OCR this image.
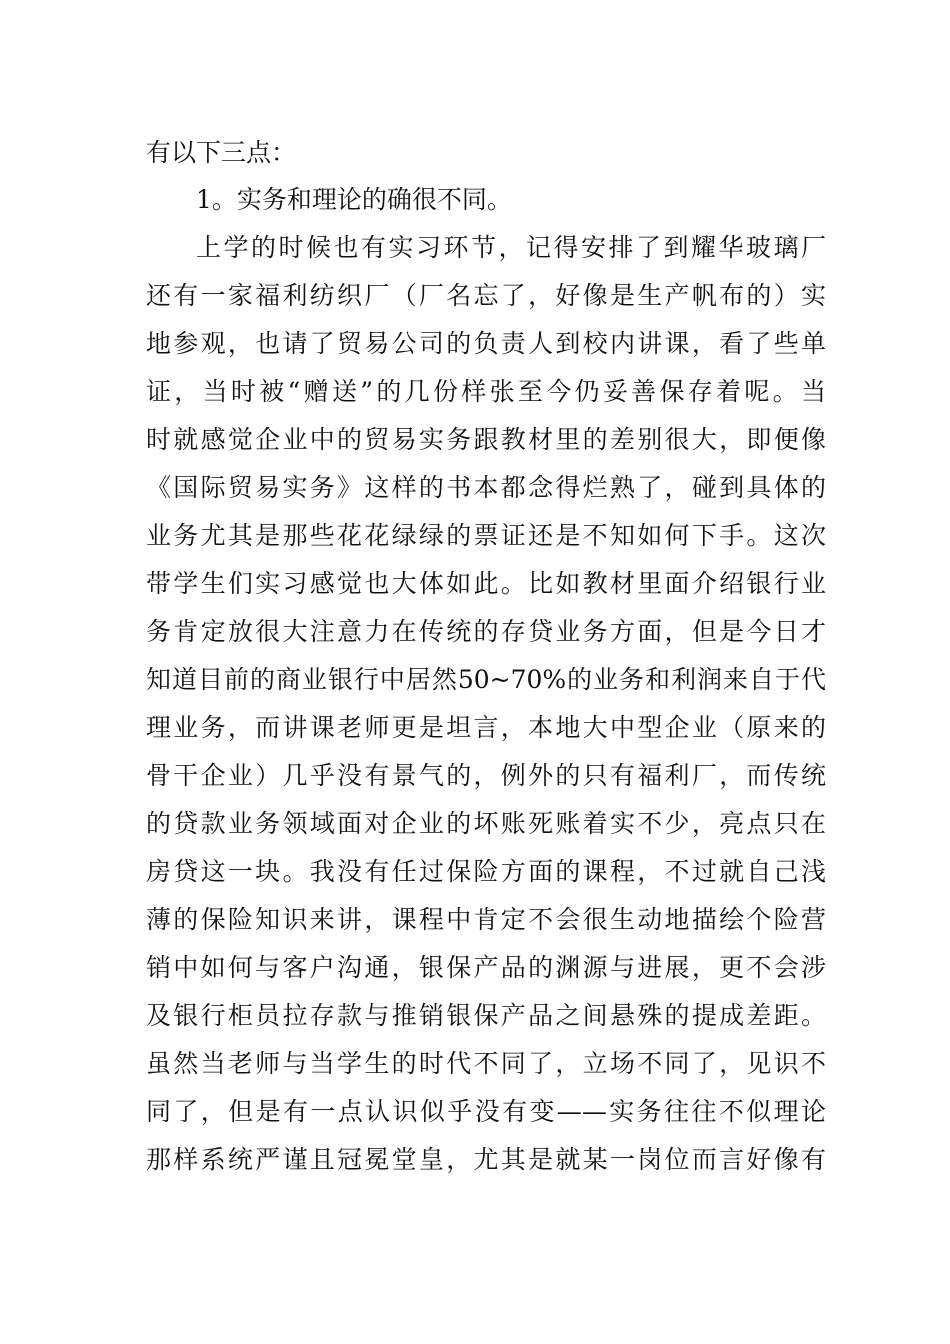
有以下三点：
1。实务和理论的确很不同。
上学的时候也有实习环节，记得安排了到耀华玻璃厂
还有一家福利纺织厂（厂名忘了，好像是生产帆布的）实
地参观，也请了贸易公司的负责人到校内讲课，看了些单
证，当时被“赠送”的几份样张至今仍妥善保存着呢。当
时就感觉企业中的贸易实务跟教材里的差别很大，即便像
《国际贸易实务》这样的书本都念得烂熟了，碰到具体的
业务尤其是那些花花绿绿的票证还是不知如何下手。这次
带学生们实习感觉也大体如此。比如教材里面介绍银行业
务肯定放很大注意力在传统的存贷业务方面，但是今日才
知道目前的商业银行中居然50~70%的业务和利润来自于代
理业务，而讲课老师更是坦言，本地大中型企业（原来的
骨干企业）几乎没有景气的，例外的只有福利厂，而传统
的贷款业务领域面对企业的坏账死账着实不少，亮点只在
房贷这一块。我没有任过保险方面的课程，不过就自己浅
薄的保险知识来讲，课程中肯定不会很生动地描绘个险营
销中如何与客户沟通，银保产品的渊源与进展，更不会涉
及银行柜员拉存款与推销银保产品之间悬殊的提成差距。
虽然当老师与当学生的时代不同了，立场不同了，见识不
同了，但是有一点认识似乎没有变——实务往往不似理论
那样系统严谨且冠冕堂皇，尤其是就某一岗位而言好像有
